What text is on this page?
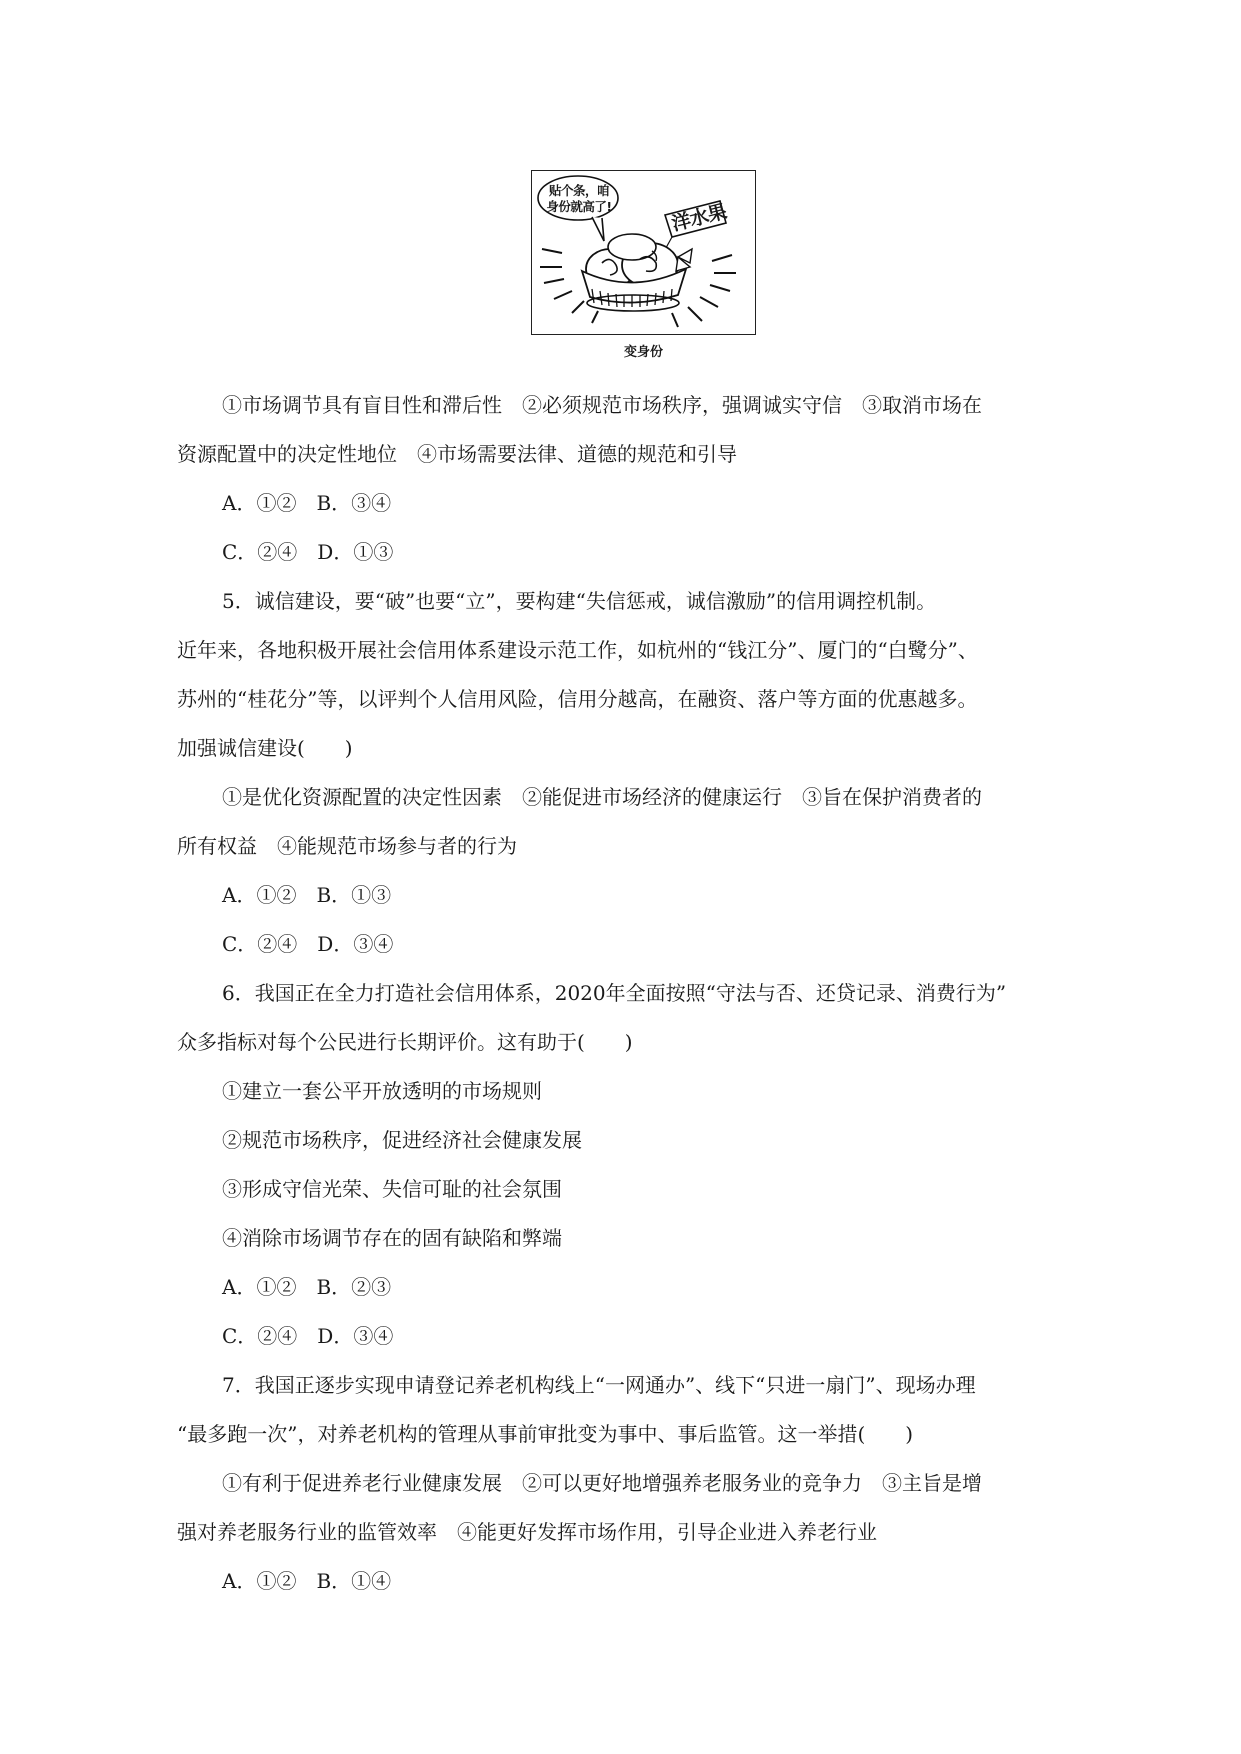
贴个条，咱身份就高了!	洋水果
变身份
①市场调节具有盲目性和滞后性　②必须规范市场秩序，强调诚实守信　③取消市场在
资源配置中的决定性地位　④市场需要法律、道德的规范和引导
A．①②　B．③④
C．②④　D．①③
5．诚信建设，要“破”也要“立”，要构建“失信惩戒，诚信激励”的信用调控机制。
近年来，各地积极开展社会信用体系建设示范工作，如杭州的“钱江分”、厦门的“白鹭分”、
苏州的“桂花分”等，以评判个人信用风险，信用分越高，在融资、落户等方面的优惠越多。
加强诚信建设(　　)
①是优化资源配置的决定性因素　②能促进市场经济的健康运行　③旨在保护消费者的
所有权益　④能规范市场参与者的行为
A．①②　B．①③
C．②④　D．③④
6．我国正在全力打造社会信用体系，2020年全面按照“守法与否、还贷记录、消费行为”
众多指标对每个公民进行长期评价。这有助于(　　)
①建立一套公平开放透明的市场规则
②规范市场秩序，促进经济社会健康发展
③形成守信光荣、失信可耻的社会氛围
④消除市场调节存在的固有缺陷和弊端
A．①②　B．②③
C．②④　D．③④
7．我国正逐步实现申请登记养老机构线上“一网通办”、线下“只进一扇门”、现场办理
“最多跑一次”，对养老机构的管理从事前审批变为事中、事后监管。这一举措(　　)
①有利于促进养老行业健康发展　②可以更好地增强养老服务业的竞争力　③主旨是增
强对养老服务行业的监管效率　④能更好发挥市场作用，引导企业进入养老行业
A．①②　B．①④
